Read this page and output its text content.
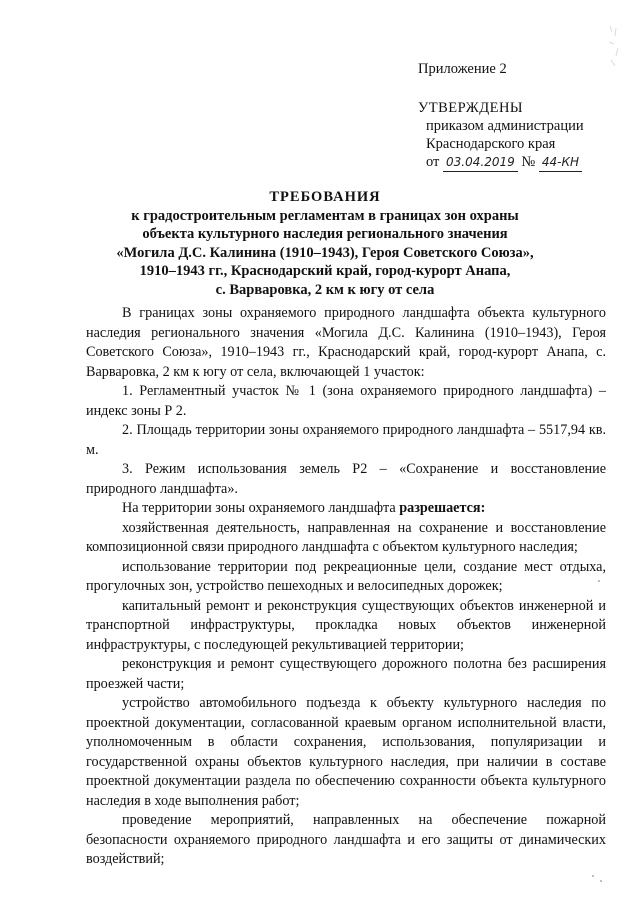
Приложение 2
УТВЕРЖДЕНЫ
приказом администрации
Краснодарского края
от 03.04.2019 № 44-КН
ТРЕБОВАНИЯ
к градостроительным регламентам в границах зон охраны
объекта культурного наследия регионального значения
«Могила Д.С. Калинина (1910–1943), Героя Советского Союза»,
1910–1943 гг., Краснодарский край, город-курорт Анапа,
с. Варваровка, 2 км к югу от села

В границах зоны охраняемого природного ландшафта объекта культурного наследия регионального значения «Могила Д.С. Калинина (1910–1943), Героя Советского Союза», 1910–1943 гг., Краснодарский край, город-курорт Анапа, с. Варваровка, 2 км к югу от села, включающей 1 участок:

1. Регламентный участок № 1 (зона охраняемого природного ландшафта) – индекс зоны Р 2.

2. Площадь территории зоны охраняемого природного ландшафта – 5517,94 кв. м.

3. Режим использования земель Р2 – «Сохранение и восстановление природного ландшафта».

На территории зоны охраняемого ландшафта разрешается:

хозяйственная деятельность, направленная на сохранение и восстановление композиционной связи природного ландшафта с объектом культурного наследия;

использование территории под рекреационные цели, создание мест отдыха, прогулочных зон, устройство пешеходных и велосипедных дорожек;

капитальный ремонт и реконструкция существующих объектов инженерной и транспортной инфраструктуры, прокладка новых объектов инженерной инфраструктуры, с последующей рекультивацией территории;

реконструкция и ремонт существующего дорожного полотна без расширения проезжей части;

устройство автомобильного подъезда к объекту культурного наследия по проектной документации, согласованной краевым органом исполнительной власти, уполномоченным в области сохранения, использования, популяризации и государственной охраны объектов культурного наследия, при наличии в составе проектной документации раздела по обеспечению сохранности объекта культурного наследия в ходе выполнения работ;

проведение мероприятий, направленных на обеспечение пожарной безопасности охраняемого природного ландшафта и его защиты от динамических воздействий;
